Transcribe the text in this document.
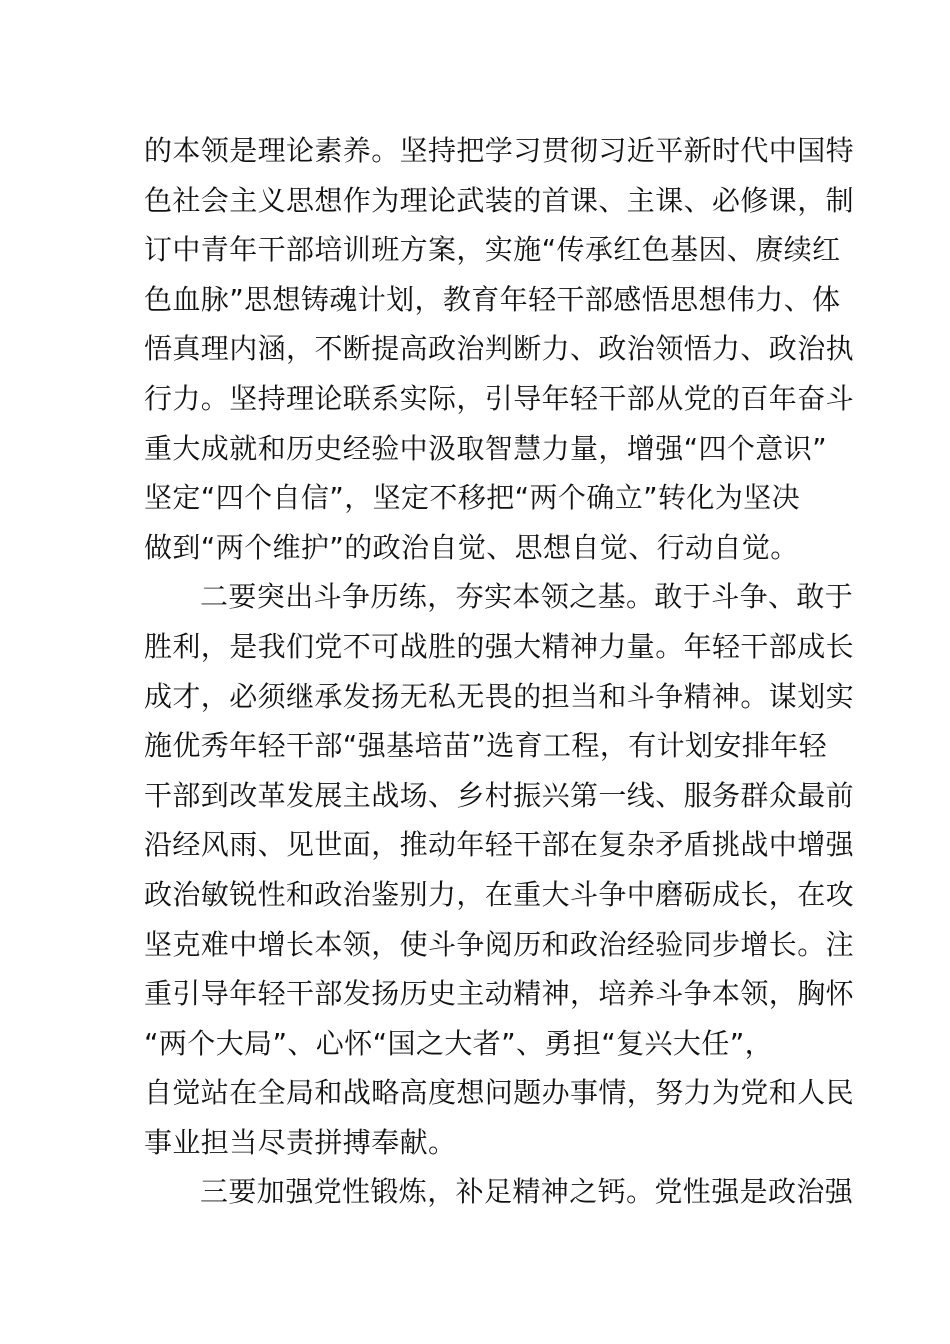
的本领是理论素养。坚持把学习贯彻习近平新时代中国特
色社会主义思想作为理论武装的首课、主课、必修课，制
订中青年干部培训班方案，实施“传承红色基因、赓续红
色血脉”思想铸魂计划，教育年轻干部感悟思想伟力、体
悟真理内涵，不断提高政治判断力、政治领悟力、政治执
行力。坚持理论联系实际，引导年轻干部从党的百年奋斗
重大成就和历史经验中汲取智慧力量，增强“四个意识”
坚定“四个自信”，坚定不移把“两个确立”转化为坚决
做到“两个维护”的政治自觉、思想自觉、行动自觉。
二要突出斗争历练，夯实本领之基。敢于斗争、敢于
胜利，是我们党不可战胜的强大精神力量。年轻干部成长
成才，必须继承发扬无私无畏的担当和斗争精神。谋划实
施优秀年轻干部“强基培苗”选育工程，有计划安排年轻
干部到改革发展主战场、乡村振兴第一线、服务群众最前
沿经风雨、见世面，推动年轻干部在复杂矛盾挑战中增强
政治敏锐性和政治鉴别力，在重大斗争中磨砺成长，在攻
坚克难中增长本领，使斗争阅历和政治经验同步增长。注
重引导年轻干部发扬历史主动精神，培养斗争本领，胸怀
“两个大局”、心怀“国之大者”、勇担“复兴大任”，
自觉站在全局和战略高度想问题办事情，努力为党和人民
事业担当尽责拼搏奉献。
三要加强党性锻炼，补足精神之钙。党性强是政治强
